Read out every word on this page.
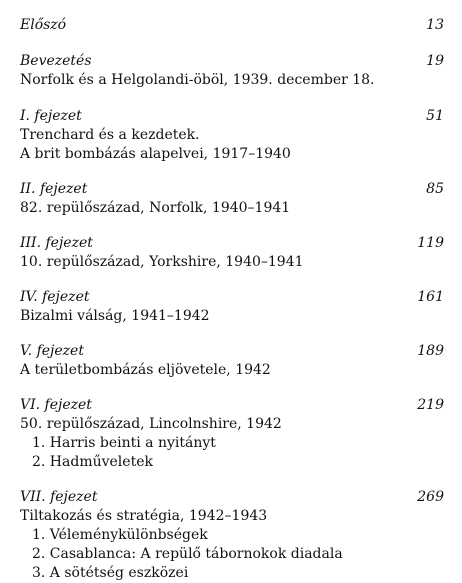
Előszó	13
Bevezetés	19
Norfolk és a Helgolandi-öböl, 1939. december 18.
I. fejezet	51
Trenchard és a kezdetek.
A brit bombázás alapelvei, 1917–1940
II. fejezet	85
82. repülőszázad, Norfolk, 1940–1941
III. fejezet	119
10. repülőszázad, Yorkshire, 1940–1941
IV. fejezet	161
Bizalmi válság, 1941–1942
V. fejezet	189
A területbombázás eljövetele, 1942
VI. fejezet	219
50. repülőszázad, Lincolnshire, 1942
1. Harris beinti a nyitányt
2. Hadműveletek
VII. fejezet	269
Tiltakozás és stratégia, 1942–1943
1. Véleménykülönbségek
2. Casablanca: A repülő tábornokok diadala
3. A sötétség eszközei
